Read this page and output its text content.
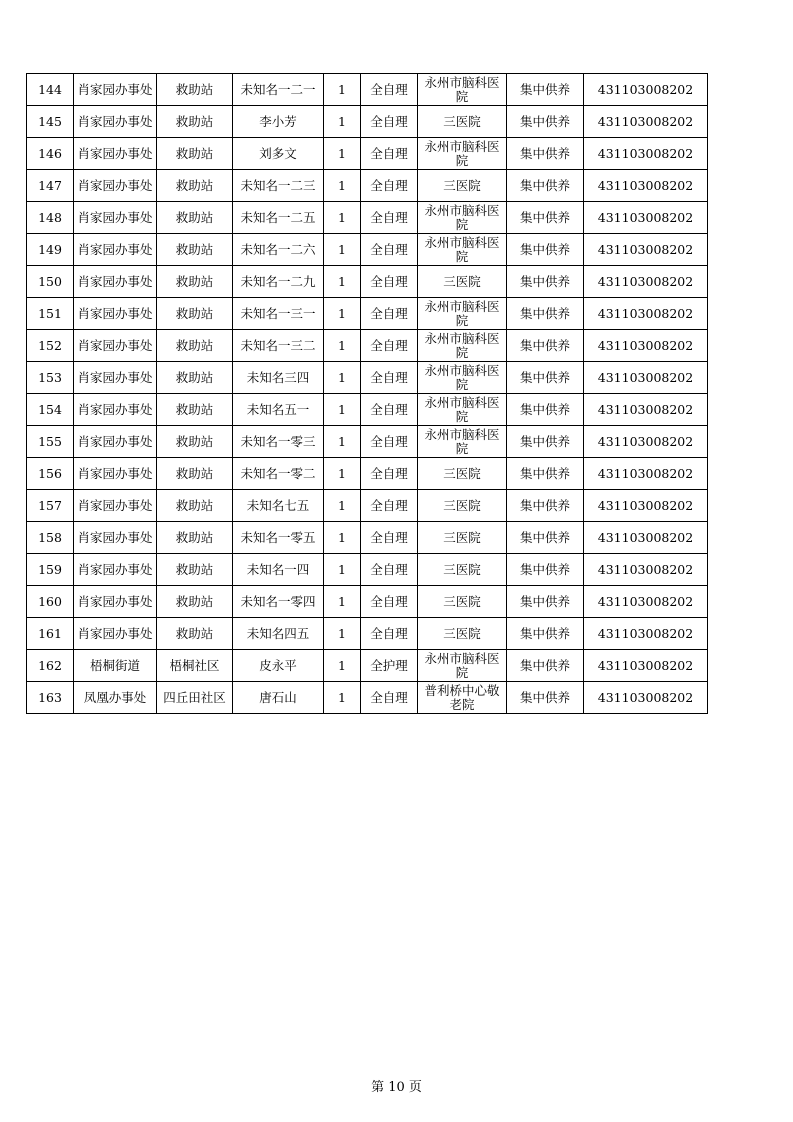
144	肖家园办事处	救助站	未知名一二一	1	全自理	永州市脑科医院	集中供养	431103008202
145	肖家园办事处	救助站	李小芳	1	全自理	三医院	集中供养	431103008202
146	肖家园办事处	救助站	刘多文	1	全自理	永州市脑科医院	集中供养	431103008202
147	肖家园办事处	救助站	未知名一二三	1	全自理	三医院	集中供养	431103008202
148	肖家园办事处	救助站	未知名一二五	1	全自理	永州市脑科医院	集中供养	431103008202
149	肖家园办事处	救助站	未知名一二六	1	全自理	永州市脑科医院	集中供养	431103008202
150	肖家园办事处	救助站	未知名一二九	1	全自理	三医院	集中供养	431103008202
151	肖家园办事处	救助站	未知名一三一	1	全自理	永州市脑科医院	集中供养	431103008202
152	肖家园办事处	救助站	未知名一三二	1	全自理	永州市脑科医院	集中供养	431103008202
153	肖家园办事处	救助站	未知名三四	1	全自理	永州市脑科医院	集中供养	431103008202
154	肖家园办事处	救助站	未知名五一	1	全自理	永州市脑科医院	集中供养	431103008202
155	肖家园办事处	救助站	未知名一零三	1	全自理	永州市脑科医院	集中供养	431103008202
156	肖家园办事处	救助站	未知名一零二	1	全自理	三医院	集中供养	431103008202
157	肖家园办事处	救助站	未知名七五	1	全自理	三医院	集中供养	431103008202
158	肖家园办事处	救助站	未知名一零五	1	全自理	三医院	集中供养	431103008202
159	肖家园办事处	救助站	未知名一四	1	全自理	三医院	集中供养	431103008202
160	肖家园办事处	救助站	未知名一零四	1	全自理	三医院	集中供养	431103008202
161	肖家园办事处	救助站	未知名四五	1	全自理	三医院	集中供养	431103008202
162	梧桐街道	梧桐社区	皮永平	1	全护理	永州市脑科医院	集中供养	431103008202
163	凤凰办事处	四丘田社区	唐石山	1	全自理	普利桥中心敬老院	集中供养	431103008202
第 10 页
